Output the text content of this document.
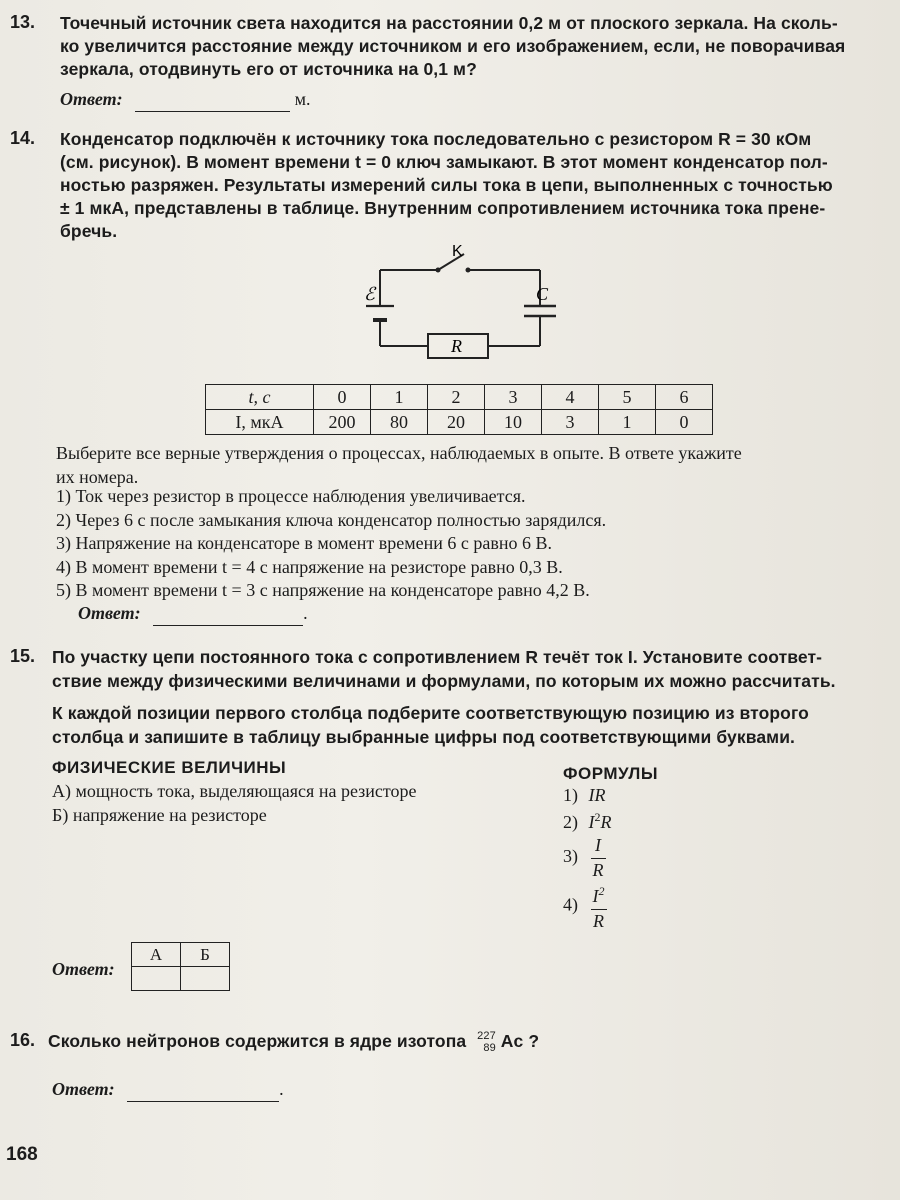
13. Точечный источник света находится на расстоянии 0,2 м от плоского зеркала. На сколь-
ко увеличится расстояние между источником и его изображением, если, не поворачивая
зеркала, отодвинуть его от источника на 0,1 м?
Ответ:	м.
14. Конденсатор подключён к источнику тока последовательно с резистором R = 30 кОм
(см. рисунок). В момент времени t = 0 ключ замыкают. В этот момент конденсатор пол-
ностью разряжен. Результаты измерений силы тока в цепи, выполненных с точностью
± 1 мкА, представлены в таблице. Внутренним сопротивлением источника тока прене-
бречь.
K
ℰ	C
R
t, c	0	1	2	3	4	5	6
I, мкА	200	80	20	10	3	1	0
Выберите все верные утверждения о процессах, наблюдаемых в опыте. В ответе укажите
их номера.
1) Ток через резистор в процессе наблюдения увеличивается.
2) Через 6 с после замыкания ключа конденсатор полностью зарядился.
3) Напряжение на конденсаторе в момент времени 6 с равно 6 В.
4) В момент времени t = 4 с напряжение на резисторе равно 0,3 В.
5) В момент времени t = 3 с напряжение на конденсаторе равно 4,2 В.
Ответ:	.
15. По участку цепи постоянного тока с сопротивлением R течёт ток I. Установите соответ-
ствие между физическими величинами и формулами, по которым их можно рассчитать.
К каждой позиции первого столбца подберите соответствующую позицию из второго
столбца и запишите в таблицу выбранные цифры под соответствующими буквами.
ФИЗИЧЕСКИЕ ВЕЛИЧИНЫ
А) мощность тока, выделяющаяся на резисторе
Б) напряжение на резисторе
ФОРМУЛЫ
1) IR
2) $I^2R$
$3) \frac{I}{R}$
$4) \frac{I^2}{R}$
Ответ:
А	Б

16. Сколько нейтронов содержится в ядре изотопа 227
89 Ac ?
Ответ:	.
168
